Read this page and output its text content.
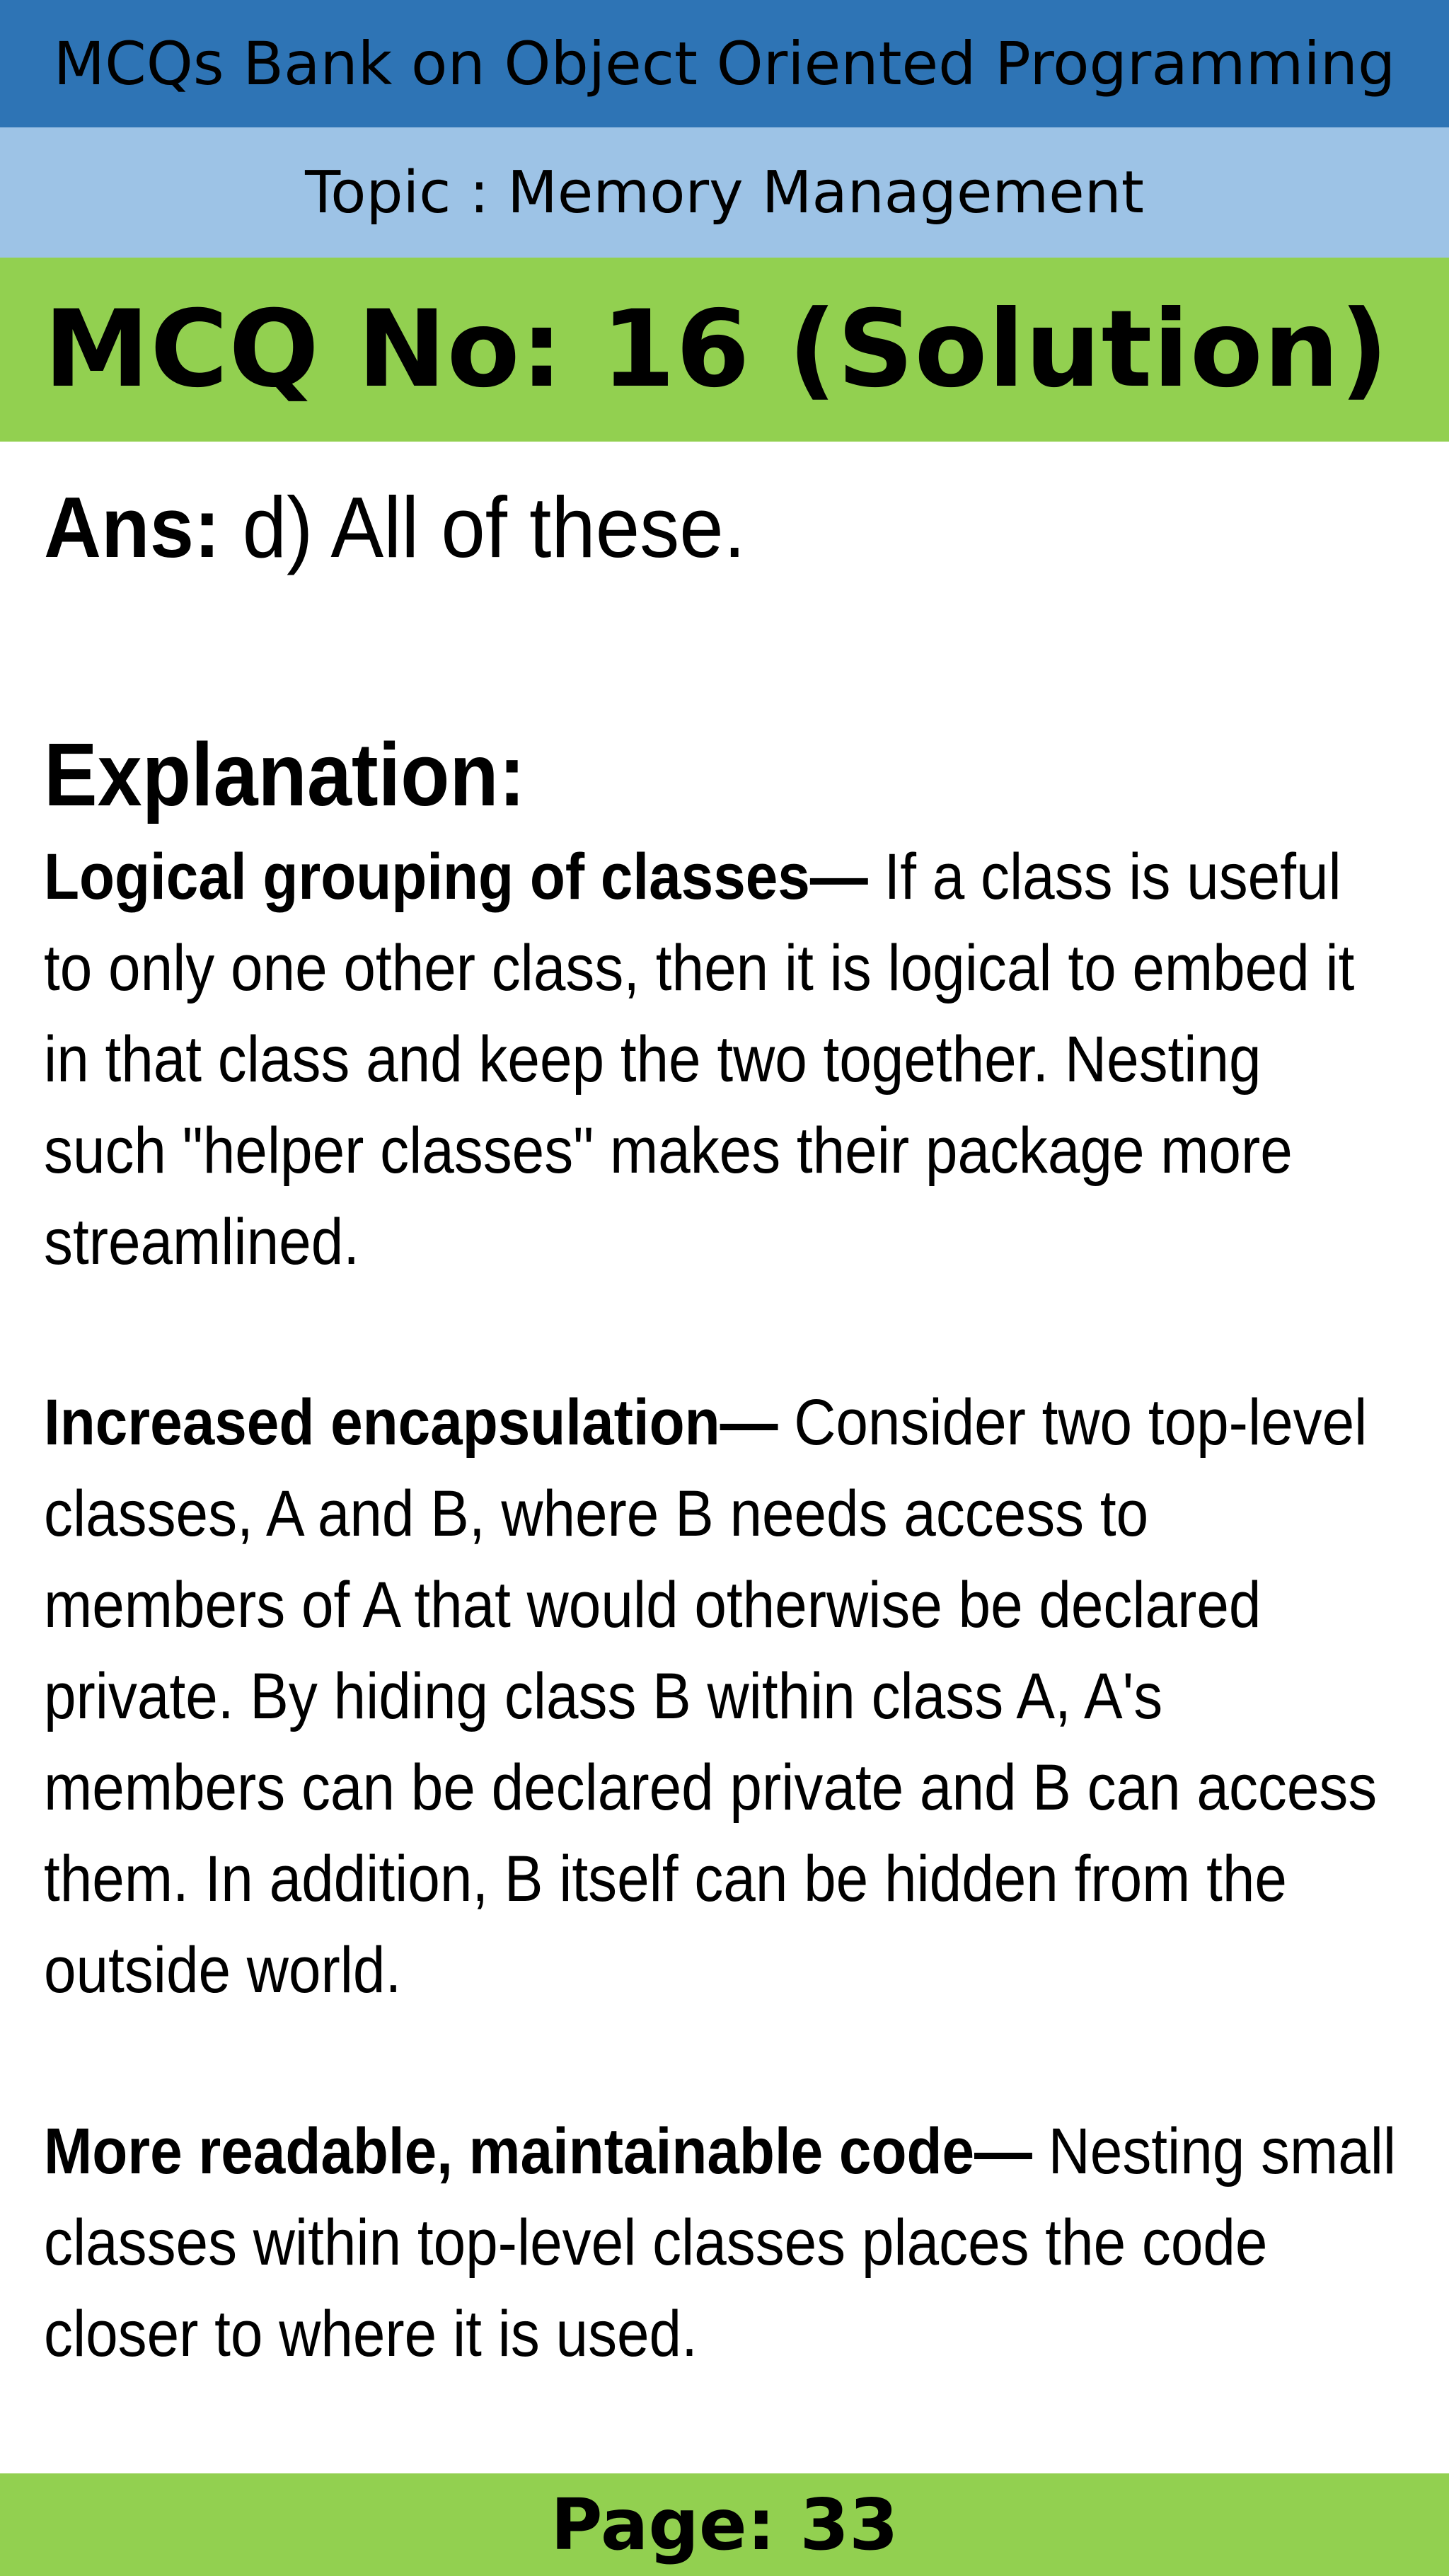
MCQs Bank on Object Oriented Programming
Topic : Memory Management
MCQ No: 16 (Solution)
Ans: d) All of these.
Explanation:
Logical grouping of classes— If a class is useful to only one other class, then it is logical to embed it in that class and keep the two together. Nesting such "helper classes" makes their package more streamlined.
Increased encapsulation— Consider two top-level classes, A and B, where B needs access to members of A that would otherwise be declared private. By hiding class B within class A, A's members can be declared private and B can access them. In addition, B itself can be hidden from the outside world.
More readable, maintainable code— Nesting small classes within top-level classes places the code closer to where it is used.
Page: 33
